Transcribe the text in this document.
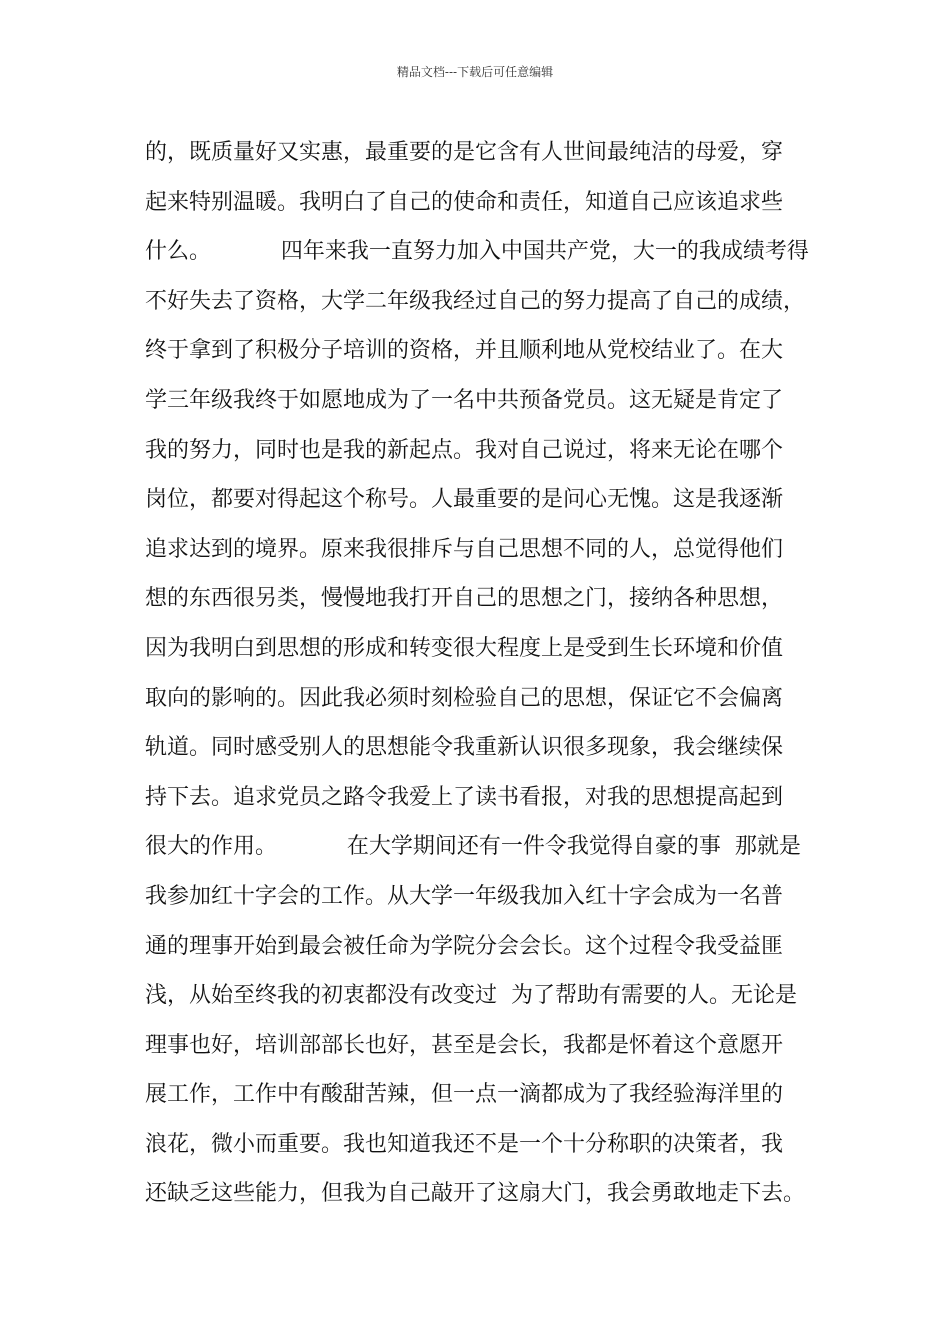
精品文档---下载后可任意编辑
的，既质量好又实惠，最重要的是它含有人世间最纯洁的母爱，穿
起来特别温暖。我明白了自己的使命和责任，知道自己应该追求些
什么。          四年来我一直努力加入中国共产党，大一的我成绩考得
不好失去了资格，大学二年级我经过自己的努力提高了自己的成绩，
终于拿到了积极分子培训的资格，并且顺利地从党校结业了。在大
学三年级我终于如愿地成为了一名中共预备党员。这无疑是肯定了
我的努力，同时也是我的新起点。我对自己说过，将来无论在哪个
岗位，都要对得起这个称号。人最重要的是问心无愧。这是我逐渐
追求达到的境界。原来我很排斥与自己思想不同的人，总觉得他们
想的东西很另类，慢慢地我打开自己的思想之门，接纳各种思想，
因为我明白到思想的形成和转变很大程度上是受到生长环境和价值
取向的影响的。因此我必须时刻检验自己的思想，保证它不会偏离
轨道。同时感受别人的思想能令我重新认识很多现象，我会继续保
持下去。追求党员之路令我爱上了读书看报，对我的思想提高起到
很大的作用。          在大学期间还有一件令我觉得自豪的事  那就是
我参加红十字会的工作。从大学一年级我加入红十字会成为一名普
通的理事开始到最会被任命为学院分会会长。这个过程令我受益匪
浅，从始至终我的初衷都没有改变过  为了帮助有需要的人。无论是
理事也好，培训部部长也好，甚至是会长，我都是怀着这个意愿开
展工作，工作中有酸甜苦辣，但一点一滴都成为了我经验海洋里的
浪花，微小而重要。我也知道我还不是一个十分称职的决策者，我
还缺乏这些能力，但我为自己敲开了这扇大门，我会勇敢地走下去。
